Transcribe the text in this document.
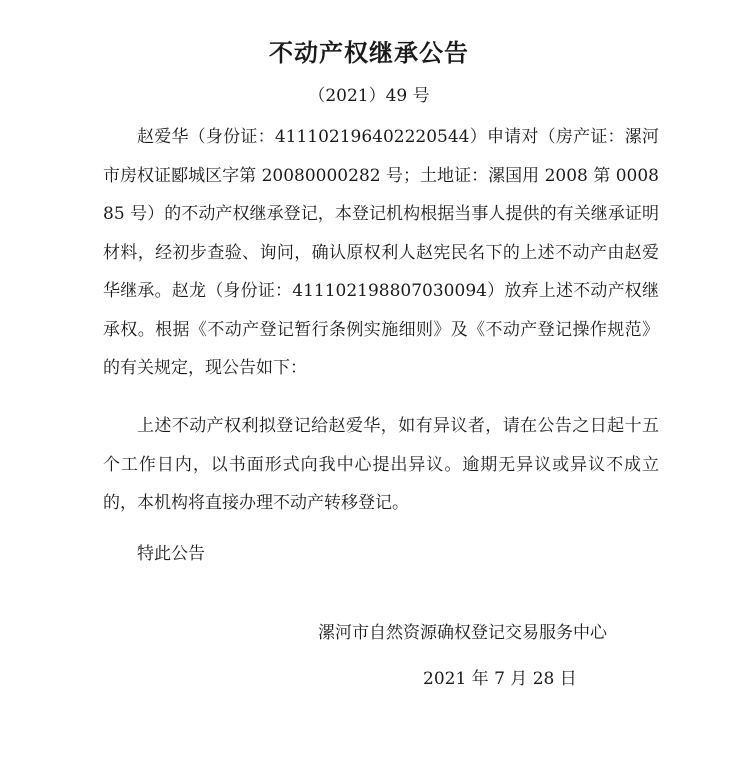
不动产权继承公告
（2021）49 号

赵爱华（身份证：411102196402220544）申请对（房产证：漯河市房权证郾城区字第 20080000282 号；土地证：漯国用 2008 第 000885 号）的不动产权继承登记，本登记机构根据当事人提供的有关继承证明材料，经初步查验、询问，确认原权利人赵宪民名下的上述不动产由赵爱华继承。赵龙（身份证：411102198807030094）放弃上述不动产权继承权。根据《不动产登记暂行条例实施细则》及《不动产登记操作规范》的有关规定，现公告如下：

上述不动产权利拟登记给赵爱华，如有异议者，请在公告之日起十五个工作日内，以书面形式向我中心提出异议。逾期无异议或异议不成立的，本机构将直接办理不动产转移登记。

特此公告

漯河市自然资源确权登记交易服务中心
2021 年 7 月 28 日
